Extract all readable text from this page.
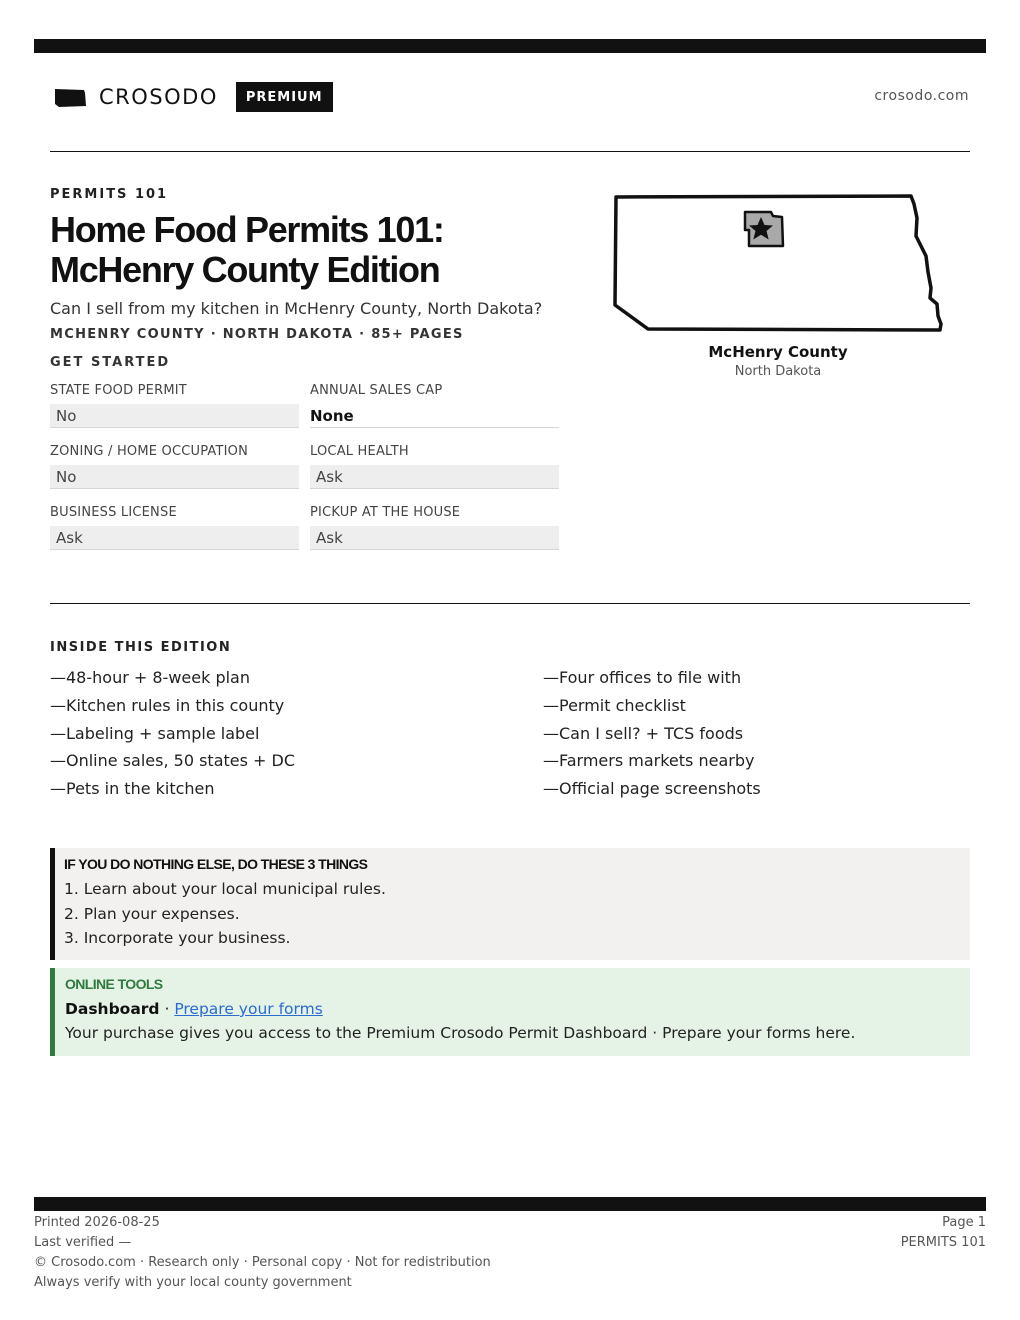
CROSODO	PREMIUM	crosodo.com
PERMITS 101
Home Food Permits 101:
McHenry County Edition
Can I sell from my kitchen in McHenry County, North Dakota?
MCHENRY COUNTY · NORTH DAKOTA · 85+ PAGES
GET STARTED
STATE FOOD PERMIT
No
ANNUAL SALES CAP
None
ZONING / HOME OCCUPATION
No
LOCAL HEALTH
Ask
BUSINESS LICENSE
Ask
PICKUP AT THE HOUSE
Ask
McHenry County
North Dakota
INSIDE THIS EDITION
—48-hour + 8-week plan
—Kitchen rules in this county
—Labeling + sample label
—Online sales, 50 states + DC
—Pets in the kitchen
—Four offices to file with
—Permit checklist
—Can I sell? + TCS foods
—Farmers markets nearby
—Official page screenshots
IF YOU DO NOTHING ELSE, DO THESE 3 THINGS
1. Learn about your local municipal rules.
2. Plan your expenses.
3. Incorporate your business.
ONLINE TOOLS
Dashboard · Prepare your forms
Your purchase gives you access to the Premium Crosodo Permit Dashboard · Prepare your forms here.
Printed 2026-08-25
Last verified —
© Crosodo.com · Research only · Personal copy · Not for redistribution
Always verify with your local county government
Page 1
PERMITS 101
